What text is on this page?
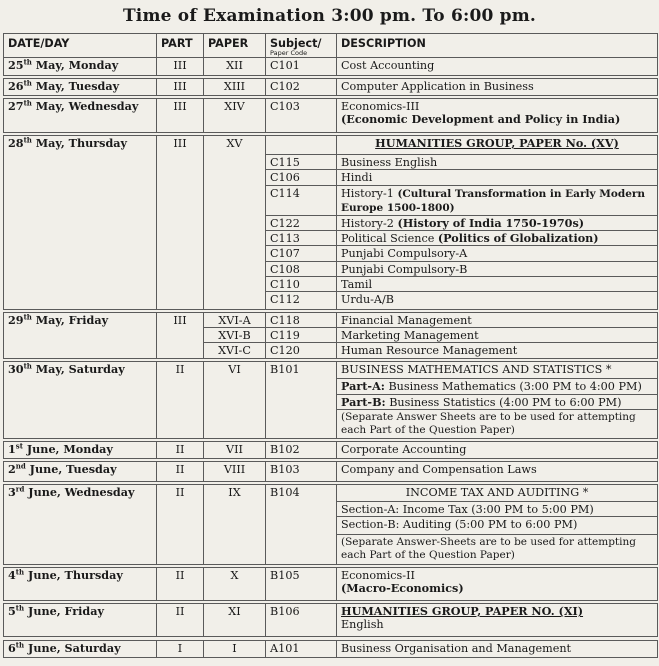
Time of Examination 3:00 pm. To 6:00 pm.
DATE/DAY	PART	PAPER	Subject/
Paper Code	DESCRIPTION
25th May, Monday	III	XII	C101	Cost Accounting

26th May, Tuesday	III	XIII	C102	Computer Application in Business

27th May, Wednesday	III	XIV	C103	Economics-III
(Economic Development and Policy in India)

28th May, Thursday	III	XV		HUMANITIES GROUP, PAPER No. (XV)
			C115	Business English
			C106	Hindi
			C114	History-1 (Cultural Transformation in Early Modern Europe 1500-1800)
			C122	History-2 (History of India 1750-1970s)
			C113	Political Science (Politics of Globalization)
			C107	Punjabi Compulsory-A
			C108	Punjabi Compulsory-B
			C110	Tamil
			C112	Urdu-A/B

29th May, Friday	III	XVI-A	C118	Financial Management
		XVI-B	C119	Marketing Management
		XVI-C	C120	Human Resource Management

30th May, Saturday	II	VI	B101	BUSINESS MATHEMATICS AND STATISTICS *
				Part-A: Business Mathematics (3:00 PM to 4:00 PM)
				Part-B: Business Statistics (4:00 PM to 6:00 PM)
				(Separate Answer Sheets are to be used for attempting each Part of the Question Paper)

1st June, Monday	II	VII	B102	Corporate Accounting

2nd June, Tuesday	II	VIII	B103	Company and Compensation Laws

3rd June, Wednesday	II	IX	B104	INCOME TAX AND AUDITING *
				Section-A: Income Tax (3:00 PM to 5:00 PM)
				Section-B: Auditing (5:00 PM to 6:00 PM)
				(Separate Answer-Sheets are to be used for attempting each Part of the Question Paper)

4th June, Thursday	II	X	B105	Economics-II
(Macro-Economics)

5th June, Friday	II	XI	B106	HUMANITIES GROUP, PAPER NO. (XI)
English

6th June, Saturday	I	I	A101	Business Organisation and Management
